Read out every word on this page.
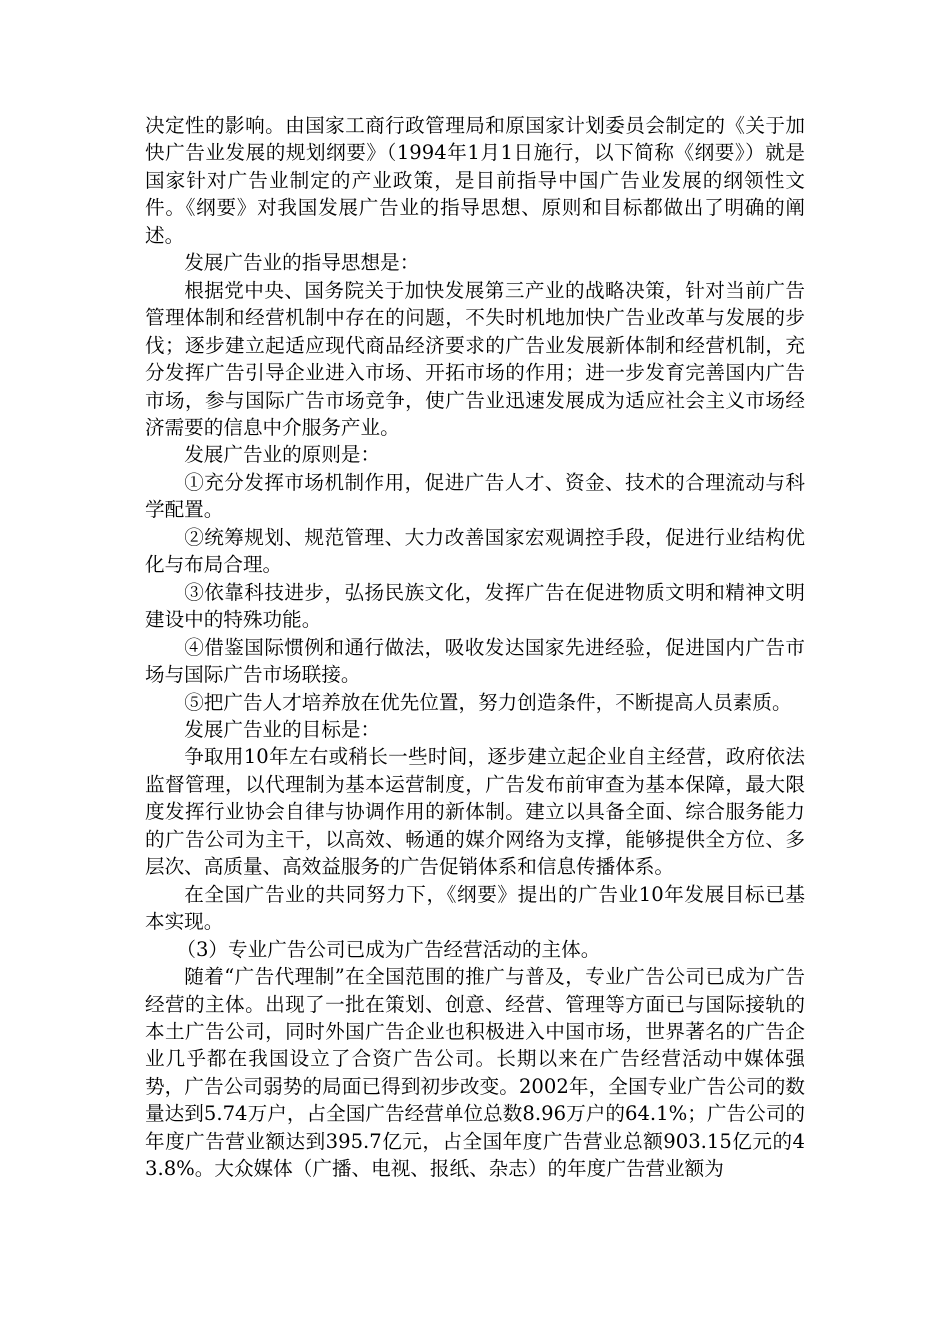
决定性的影响。由国家工商行政管理局和原国家计划委员会制定的《关于加快广告业发展的规划纲要》（1994年1月1日施行，以下简称《纲要》）就是国家针对广告业制定的产业政策，是目前指导中国广告业发展的纲领性文件。《纲要》对我国发展广告业的指导思想、原则和目标都做出了明确的阐述。

发展广告业的指导思想是：

根据党中央、国务院关于加快发展第三产业的战略决策，针对当前广告管理体制和经营机制中存在的问题，不失时机地加快广告业改革与发展的步伐；逐步建立起适应现代商品经济要求的广告业发展新体制和经营机制，充分发挥广告引导企业进入市场、开拓市场的作用；进一步发育完善国内广告市场，参与国际广告市场竞争，使广告业迅速发展成为适应社会主义市场经济需要的信息中介服务产业。

发展广告业的原则是：

①充分发挥市场机制作用，促进广告人才、资金、技术的合理流动与科学配置。

②统筹规划、规范管理、大力改善国家宏观调控手段，促进行业结构优化与布局合理。

③依靠科技进步，弘扬民族文化，发挥广告在促进物质文明和精神文明建设中的特殊功能。

④借鉴国际惯例和通行做法，吸收发达国家先进经验，促进国内广告市场与国际广告市场联接。

⑤把广告人才培养放在优先位置，努力创造条件，不断提高人员素质。

发展广告业的目标是：

争取用10年左右或稍长一些时间，逐步建立起企业自主经营，政府依法监督管理，以代理制为基本运营制度，广告发布前审查为基本保障，最大限度发挥行业协会自律与协调作用的新体制。建立以具备全面、综合服务能力的广告公司为主干，以高效、畅通的媒介网络为支撑，能够提供全方位、多层次、高质量、高效益服务的广告促销体系和信息传播体系。

在全国广告业的共同努力下，《纲要》提出的广告业10年发展目标已基本实现。

（3）专业广告公司已成为广告经营活动的主体。

随着“广告代理制”在全国范围的推广与普及，专业广告公司已成为广告经营的主体。出现了一批在策划、创意、经营、管理等方面已与国际接轨的本土广告公司，同时外国广告企业也积极进入中国市场，世界著名的广告企业几乎都在我国设立了合资广告公司。长期以来在广告经营活动中媒体强势，广告公司弱势的局面已得到初步改变。2002年，全国专业广告公司的数量达到5.74万户，占全国广告经营单位总数8.96万户的64.1%；广告公司的年度广告营业额达到395.7亿元，占全国年度广告营业总额903.15亿元的43.8%。大众媒体（广播、电视、报纸、杂志）的年度广告营业额为
